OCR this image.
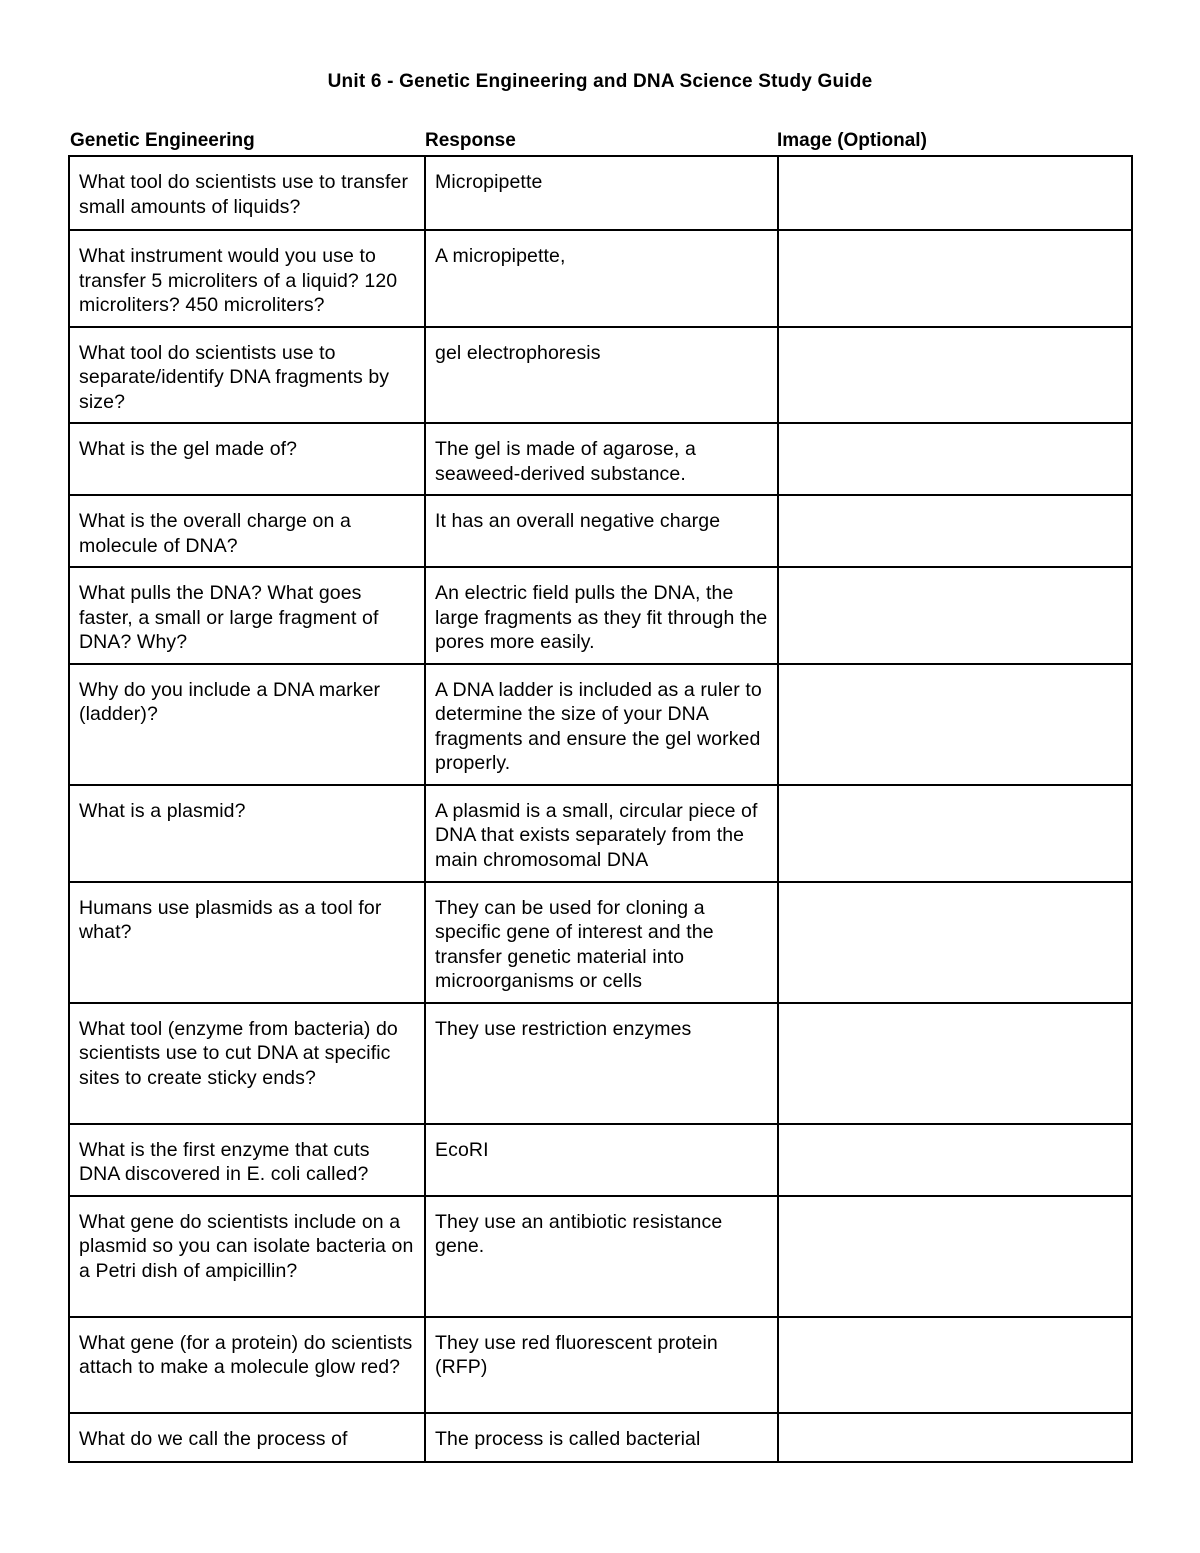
Unit 6 - Genetic Engineering and DNA Science Study Guide
Genetic Engineering	Response	Image (Optional)
What tool do scientists use to transfer small amounts of liquids?	Micropipette	
What instrument would you use to transfer 5 microliters of a liquid? 120 microliters? 450 microliters?	A micropipette,	
What tool do scientists use to separate/identify DNA fragments by size?	gel electrophoresis	
What is the gel made of?	The gel is made of agarose, a seaweed-derived substance.	
What is the overall charge on a molecule of DNA?	It has an overall negative charge	
What pulls the DNA? What goes faster, a small or large fragment of DNA? Why?	An electric field pulls the DNA, the large fragments as they fit through the pores more easily.	
Why do you include a DNA marker (ladder)?	A DNA ladder is included as a ruler to determine the size of your DNA fragments and ensure the gel worked properly.	
What is a plasmid?	A plasmid is a small, circular piece of DNA that exists separately from the main chromosomal DNA	
Humans use plasmids as a tool for what?	They can be used for cloning a specific gene of interest and the transfer genetic material into microorganisms or cells	
What tool (enzyme from bacteria) do scientists use to cut DNA at specific sites to create sticky ends?	They use restriction enzymes	
What is the first enzyme that cuts DNA discovered in E. coli called?	EcoRI	
What gene do scientists include on a plasmid so you can isolate bacteria on a Petri dish of ampicillin?	They use an antibiotic resistance gene.	
What gene (for a protein) do scientists attach to make a molecule glow red?	They use red fluorescent protein (RFP)	
What do we call the process of	The process is called bacterial	
